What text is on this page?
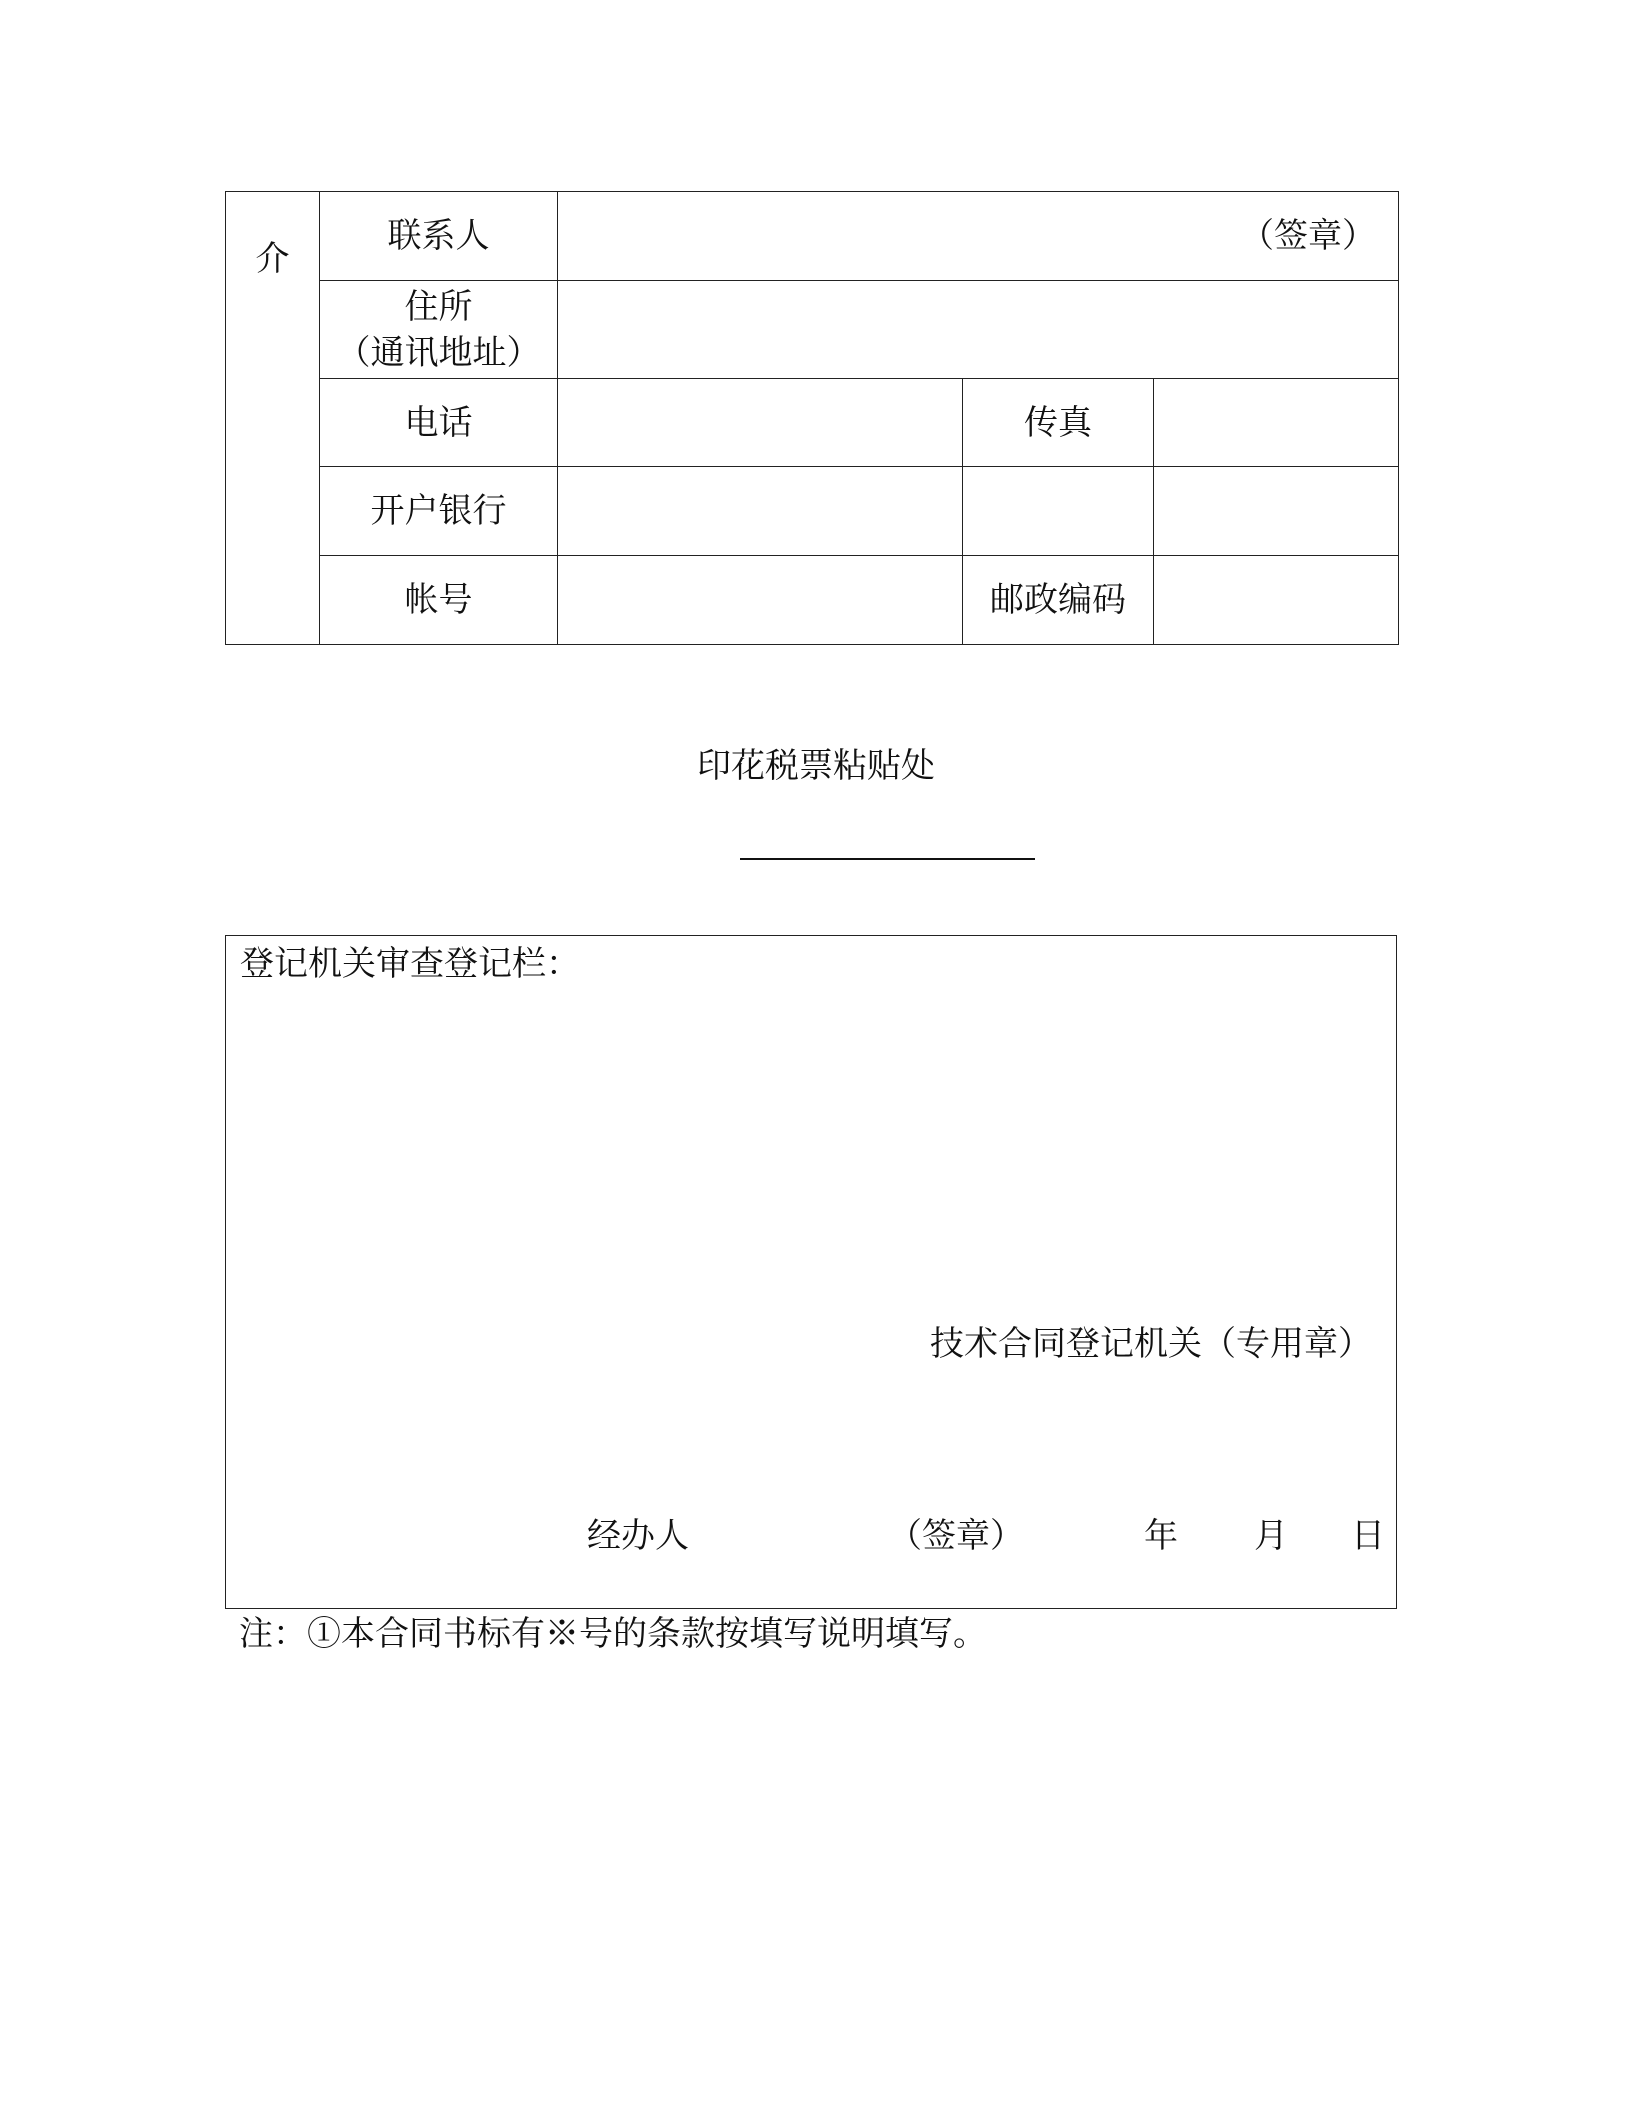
介	联系人	（签章）		

	住所
（通讯地址）			

	电话		传真	
	开户银行			
	帐号		邮政编码	
印花税票粘贴处
登记机关审查登记栏：
技术合同登记机关（专用章）
经办人	（签章）	年 月 日
注：①本合同书标有※号的条款按填写说明填写。
